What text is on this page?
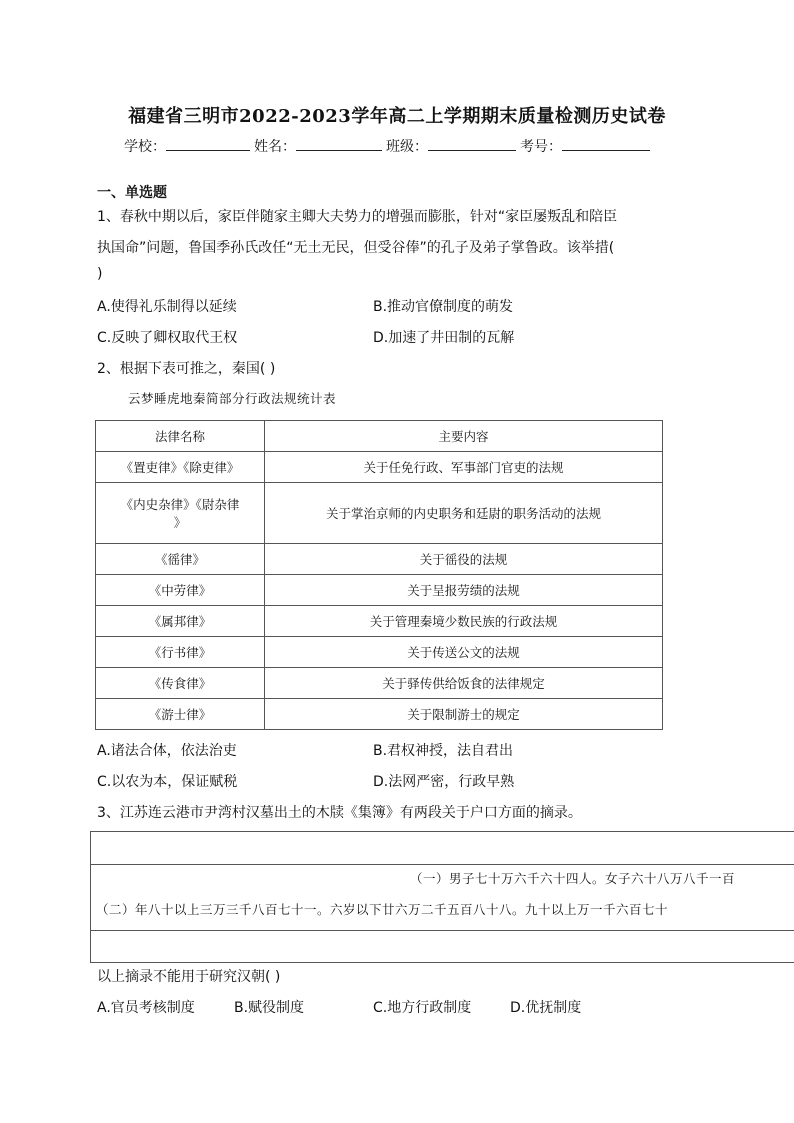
福建省三明市2022-2023学年高二上学期期末质量检测历史试卷
学校：	姓名：	班级：	考号：
一、单选题
1、春秋中期以后，家臣伴随家主卿大夫势力的增强而膨胀，针对“家臣屡叛乱和陪臣
执国命”问题，鲁国季孙氏改任“无土无民，但受谷俸”的孔子及弟子掌鲁政。该举措(
)
A.使得礼乐制得以延续	B.推动官僚制度的萌发
C.反映了卿权取代王权	D.加速了井田制的瓦解
2、根据下表可推之，秦国( )
云梦睡虎地秦简部分行政法规统计表
法律名称	主要内容
《置吏律》《除吏律》	关于任免行政、军事部门官吏的法规

《内史杂律》《尉杂律
》	关于掌治京师的内史职务和廷尉的职务活动的法规
《徭律》	关于徭役的法规
《中劳律》	关于呈报劳绩的法规
《属邦律》	关于管理秦境少数民族的行政法规
《行书律》	关于传送公文的法规
《传食律》	关于驿传供给饭食的法律规定
《游士律》	关于限制游士的规定
A.诸法合体，依法治吏	B.君权神授，法自君出
C.以农为本，保证赋税	D.法网严密，行政早熟
3、江苏连云港市尹湾村汉墓出土的木牍《集簿》有两段关于户口方面的摘录。
（一）男子七十万六千六十四人。女子六十八万八千一百
（二）年八十以上三万三千八百七十一。六岁以下廿六万二千五百八十八。九十以上万一千六百七十
以上摘录不能用于研究汉朝( )
A.官员考核制度	B.赋役制度	C.地方行政制度	D.优抚制度
